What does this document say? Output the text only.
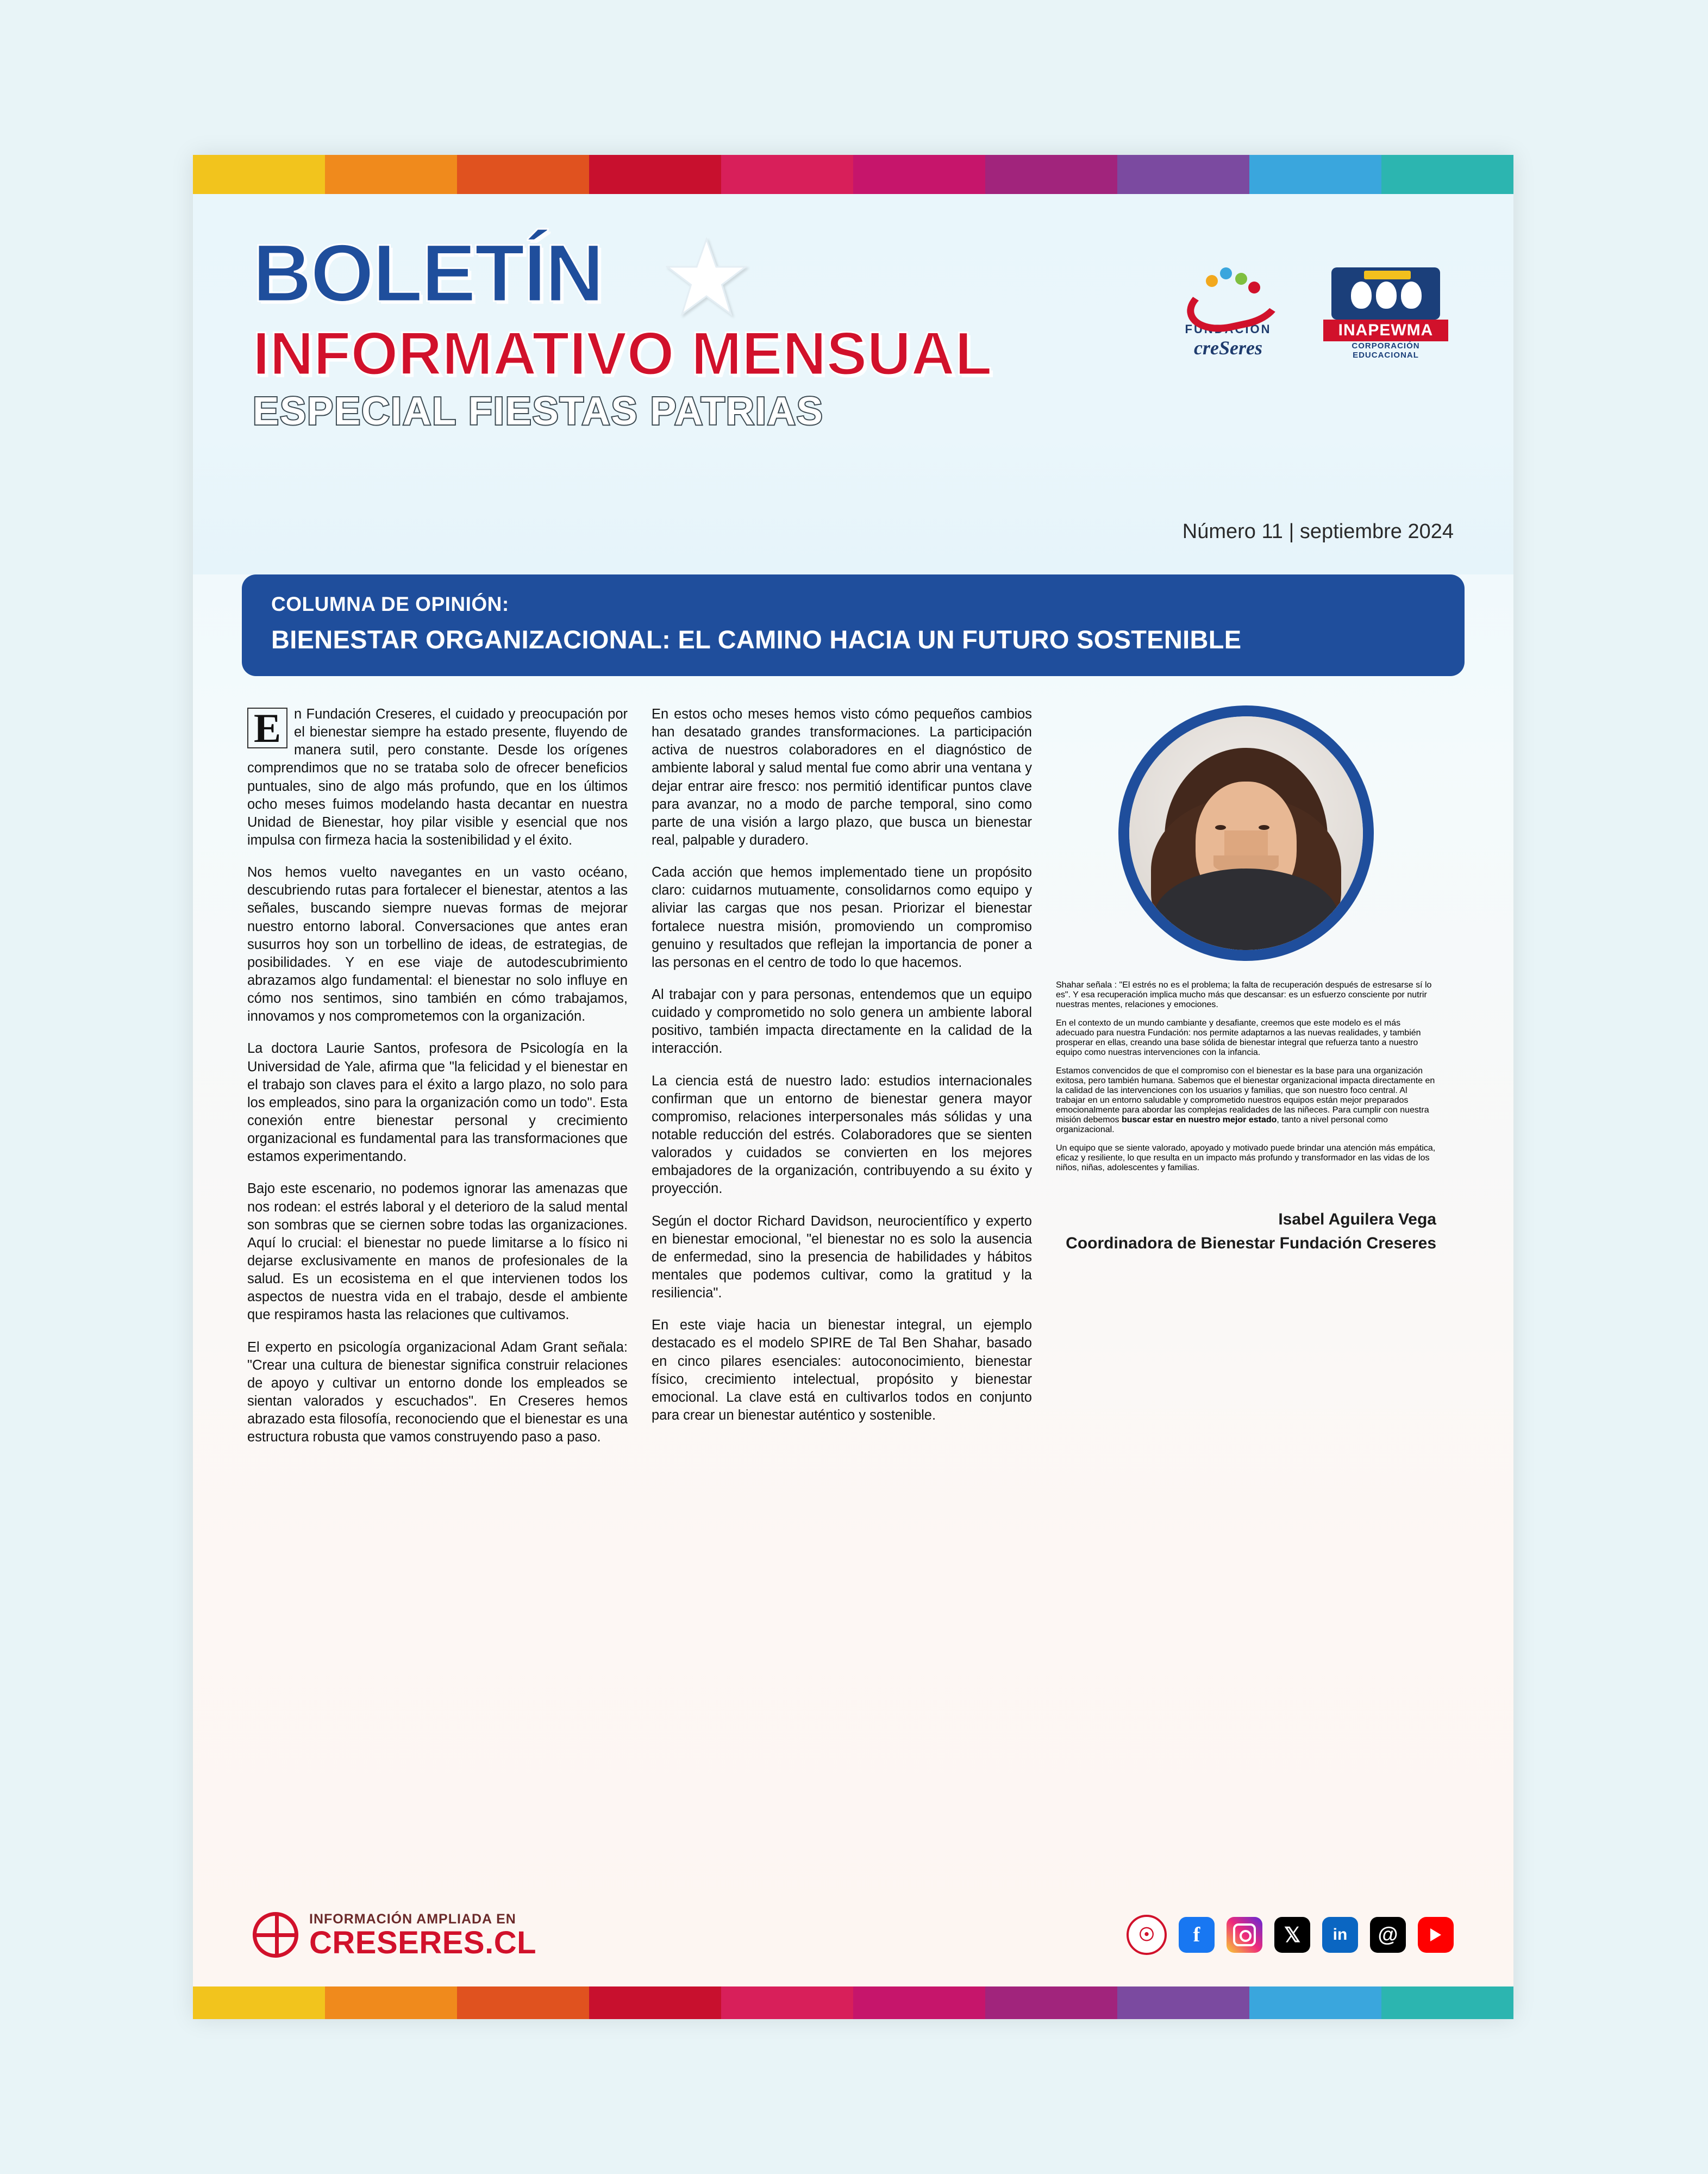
BOLETÍN
INFORMATIVO MENSUAL
ESPECIAL FIESTAS PATRIAS
FUNDACIÓN
creSeres
INAPEWMA
CORPORACIÓN EDUCACIONAL
Número 11 | septiembre 2024
COLUMNA DE OPINIÓN:
BIENESTAR ORGANIZACIONAL: EL CAMINO HACIA UN FUTURO SOSTENIBLE

E n Fundación Creseres, el cuidado y preocupación por el bienestar siempre ha estado presente, fluyendo de manera sutil, pero constante. Desde los orígenes comprendimos que no se trataba solo de ofrecer beneficios puntuales, sino de algo más profundo, que en los últimos ocho meses fuimos modelando hasta decantar en nuestra Unidad de Bienestar, hoy pilar visible y esencial que nos impulsa con firmeza hacia la sostenibilidad y el éxito.

Nos hemos vuelto navegantes en un vasto océano, descubriendo rutas para fortalecer el bienestar, atentos a las señales, buscando siempre nuevas formas de mejorar nuestro entorno laboral. Conversaciones que antes eran susurros hoy son un torbellino de ideas, de estrategias, de posibilidades. Y en ese viaje de autodescubrimiento abrazamos algo fundamental: el bienestar no solo influye en cómo nos sentimos, sino también en cómo trabajamos, innovamos y nos comprometemos con la organización.

La doctora Laurie Santos, profesora de Psicología en la Universidad de Yale, afirma que "la felicidad y el bienestar en el trabajo son claves para el éxito a largo plazo, no solo para los empleados, sino para la organización como un todo". Esta conexión entre bienestar personal y crecimiento organizacional es fundamental para las transformaciones que estamos experimentando.

Bajo este escenario, no podemos ignorar las amenazas que nos rodean: el estrés laboral y el deterioro de la salud mental son sombras que se ciernen sobre todas las organizaciones. Aquí lo crucial: el bienestar no puede limitarse a lo físico ni dejarse exclusivamente en manos de profesionales de la salud. Es un ecosistema en el que intervienen todos los aspectos de nuestra vida en el trabajo, desde el ambiente que respiramos hasta las relaciones que cultivamos.

El experto en psicología organizacional Adam Grant señala: "Crear una cultura de bienestar significa construir relaciones de apoyo y cultivar un entorno donde los empleados se sientan valorados y escuchados". En Creseres hemos abrazado esta filosofía, reconociendo que el bienestar es una estructura robusta que vamos construyendo paso a paso.

En estos ocho meses hemos visto cómo pequeños cambios han desatado grandes transformaciones. La participación activa de nuestros colaboradores en el diagnóstico de ambiente laboral y salud mental fue como abrir una ventana y dejar entrar aire fresco: nos permitió identificar puntos clave para avanzar, no a modo de parche temporal, sino como parte de una visión a largo plazo, que busca un bienestar real, palpable y duradero.

Cada acción que hemos implementado tiene un propósito claro: cuidarnos mutuamente, consolidarnos como equipo y aliviar las cargas que nos pesan. Priorizar el bienestar fortalece nuestra misión, promoviendo un compromiso genuino y resultados que reflejan la importancia de poner a las personas en el centro de todo lo que hacemos.

Al trabajar con y para personas, entendemos que un equipo cuidado y comprometido no solo genera un ambiente laboral positivo, también impacta directamente en la calidad de la interacción.

La ciencia está de nuestro lado: estudios internacionales confirman que un entorno de bienestar genera mayor compromiso, relaciones interpersonales más sólidas y una notable reducción del estrés. Colaboradores que se sienten valorados y cuidados se convierten en los mejores embajadores de la organización, contribuyendo a su éxito y proyección.

Según el doctor Richard Davidson, neurocientífico y experto en bienestar emocional, "el bienestar no es solo la ausencia de enfermedad, sino la presencia de habilidades y hábitos mentales que podemos cultivar, como la gratitud y la resiliencia".

En este viaje hacia un bienestar integral, un ejemplo destacado es el modelo SPIRE de Tal Ben Shahar, basado en cinco pilares esenciales: autoconocimiento, bienestar físico, crecimiento intelectual, propósito y bienestar emocional. La clave está en cultivarlos todos en conjunto para crear un bienestar auténtico y sostenible.

Shahar señala : "El estrés no es el problema; la falta de recuperación después de estresarse sí lo es". Y esa recuperación implica mucho más que descansar: es un esfuerzo consciente por nutrir nuestras mentes, relaciones y emociones.

En el contexto de un mundo cambiante y desafiante, creemos que este modelo es el más adecuado para nuestra Fundación: nos permite adaptarnos a las nuevas realidades, y también prosperar en ellas, creando una base sólida de bienestar integral que refuerza tanto a nuestro equipo como nuestras intervenciones con la infancia.

Estamos convencidos de que el compromiso con el bienestar es la base para una organización exitosa, pero también humana. Sabemos que el bienestar organizacional impacta directamente en la calidad de las intervenciones con los usuarios y familias, que son nuestro foco central. Al trabajar en un entorno saludable y comprometido nuestros equipos están mejor preparados emocionalmente para abordar las complejas realidades de las niñeces. Para cumplir con nuestra misión debemos buscar estar en nuestro mejor estado, tanto a nivel personal como organizacional.

Un equipo que se siente valorado, apoyado y motivado puede brindar una atención más empática, eficaz y resiliente, lo que resulta en un impacto más profundo y transformador en las vidas de los niños, niñas, adolescentes y familias.

Isabel Aguilera Vega
Coordinadora de Bienestar Fundación Creseres
INFORMACIÓN AMPLIADA EN
CRESERES.CL	☉	f	𝕏	in	@
